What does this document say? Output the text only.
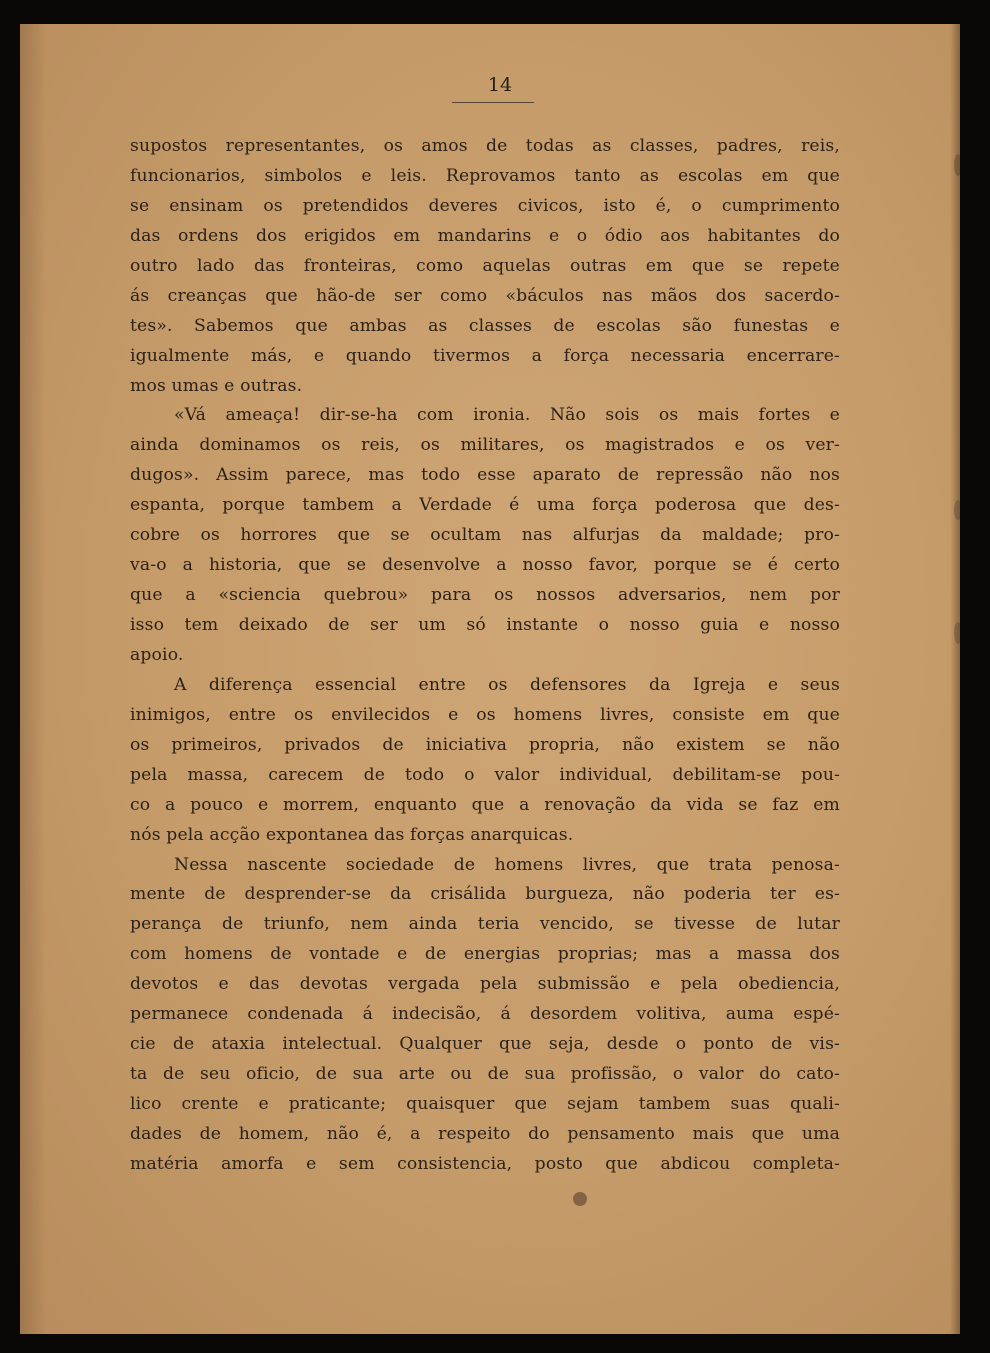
14
supostos representantes, os amos de todas as classes, padres, reis,
funcionarios, simbolos e leis. Reprovamos tanto as escolas em que
se ensinam os pretendidos deveres civicos, isto é, o cumprimento
das ordens dos erigidos em mandarins e o ódio aos habitantes do
outro lado das fronteiras, como aquelas outras em que se repete
ás creanças que hão-de ser como «báculos nas mãos dos sacerdo-
tes». Sabemos que ambas as classes de escolas são funestas e
igualmente más, e quando tivermos a força necessaria encerrare-
mos umas e outras.
«Vá ameaça! dir-se-ha com ironia. Não sois os mais fortes e
ainda dominamos os reis, os militares, os magistrados e os ver-
dugos». Assim parece, mas todo esse aparato de repressão não nos
espanta, porque tambem a Verdade é uma força poderosa que des-
cobre os horrores que se ocultam nas alfurjas da maldade; pro-
va-o a historia, que se desenvolve a nosso favor, porque se é certo
que a «sciencia quebrou» para os nossos adversarios, nem por
isso tem deixado de ser um só instante o nosso guia e nosso
apoio.
A diferença essencial entre os defensores da Igreja e seus
inimigos, entre os envilecidos e os homens livres, consiste em que
os primeiros, privados de iniciativa propria, não existem se não
pela massa, carecem de todo o valor individual, debilitam-se pou-
co a pouco e morrem, enquanto que a renovação da vida se faz em
nós pela acção expontanea das forças anarquicas.
Nessa nascente sociedade de homens livres, que trata penosa-
mente de desprender-se da crisálida burgueza, não poderia ter es-
perança de triunfo, nem ainda teria vencido, se tivesse de lutar
com homens de vontade e de energias proprias; mas a massa dos
devotos e das devotas vergada pela submissão e pela obediencia,
permanece condenada á indecisão, á desordem volitiva, auma espé-
cie de ataxia intelectual. Qualquer que seja, desde o ponto de vis-
ta de seu oficio, de sua arte ou de sua profissão, o valor do cato-
lico crente e praticante; quaisquer que sejam tambem suas quali-
dades de homem, não é, a respeito do pensamento mais que uma
matéria amorfa e sem consistencia, posto que abdicou completa-
